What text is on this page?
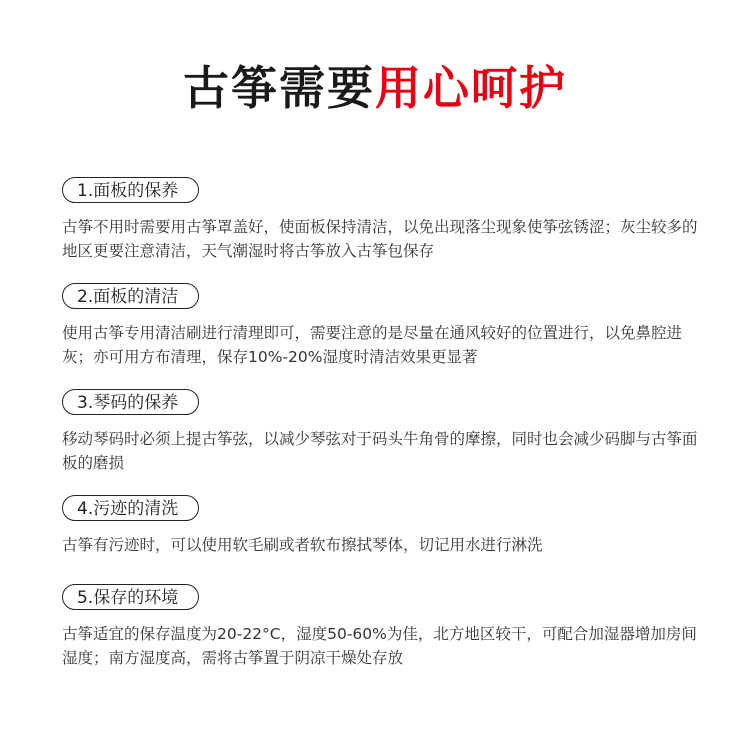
古筝需要用心呵护
1.面板的保养
古筝不用时需要用古筝罩盖好，使面板保持清洁，以免出现落尘现象使筝弦锈涩；灰尘较多的地区更要注意清洁，天气潮湿时将古筝放入古筝包保存
2.面板的清洁
使用古筝专用清洁刷进行清理即可，需要注意的是尽量在通风较好的位置进行，以免鼻腔进灰；亦可用方布清理，保存10%-20%湿度时清洁效果更显著
3.琴码的保养
移动琴码时必须上提古筝弦，以减少琴弦对于码头牛角骨的摩擦，同时也会减少码脚与古筝面板的磨损
4.污迹的清洗
古筝有污迹时，可以使用软毛刷或者软布擦拭琴体，切记用水进行淋洗
5.保存的环境
古筝适宜的保存温度为20-22°C，湿度50-60%为佳，北方地区较干，可配合加湿器增加房间湿度；南方湿度高，需将古筝置于阴凉干燥处存放
